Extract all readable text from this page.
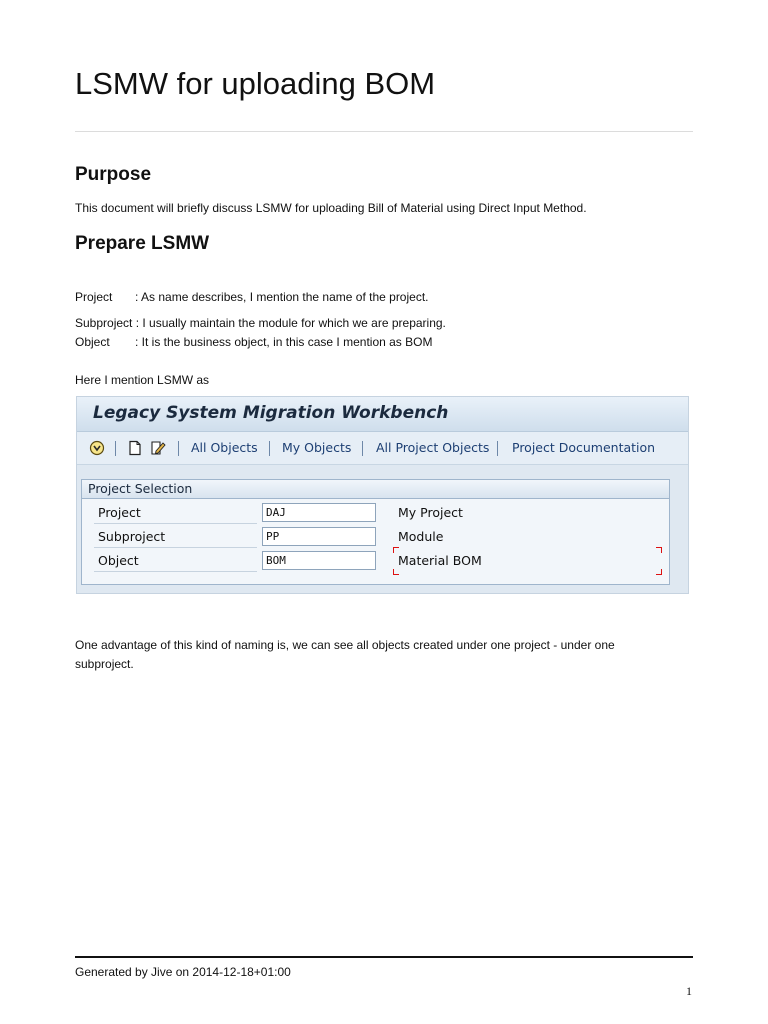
LSMW for uploading BOM
Purpose

This document will briefly discuss LSMW for uploading Bill of Material using Direct Input Method.

Prepare LSMW
Project : As name describes, I mention the name of the project.
Subproject : I usually maintain the module for which we are preparing.
Object : It is the business object, in this case I mention as BOM

Here I mention LSMW as

Legacy System Migration Workbench
All Objects My Objects All Project Objects Project Documentation
Project Selection
Project	DAJ	My Project
Subproject	PP	Module
Object	BOM	Material BOM

One advantage of this kind of naming is, we can see all objects created under one project - under one subproject.

Generated by Jive on 2014-12-18+01:00
1
